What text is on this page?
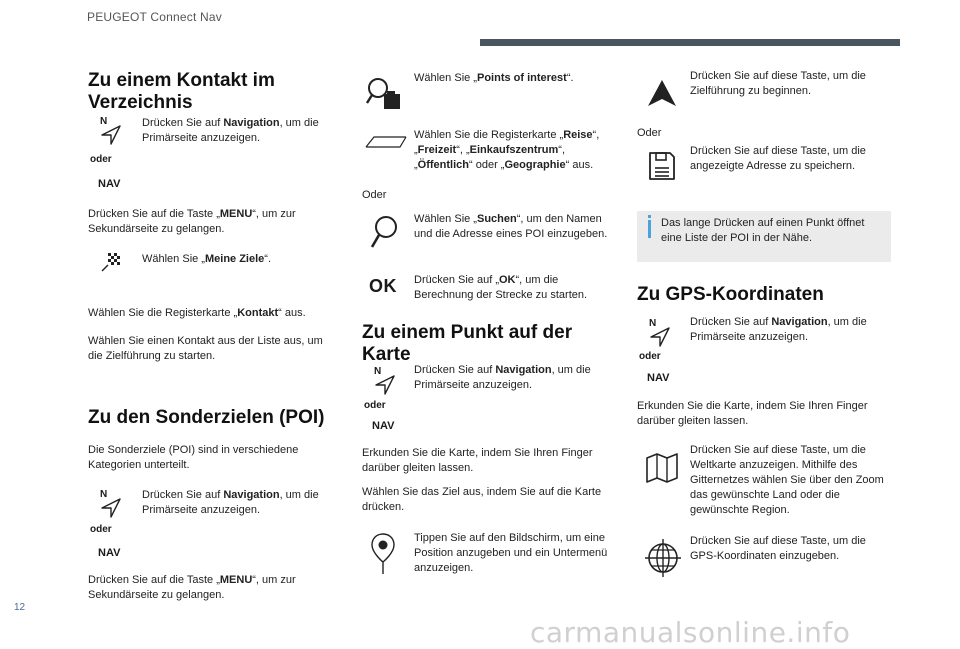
PEUGEOT Connect Nav
Zu einem Kontakt im Verzeichnis
N
oder
NAV
Drücken Sie auf Navigation, um die Primärseite anzuzeigen.
Drücken Sie auf die Taste „MENU“, um zur Sekundärseite zu gelangen.
Wählen Sie „Meine Ziele“.
Wählen Sie die Registerkarte „Kontakt“ aus.
Wählen Sie einen Kontakt aus der Liste aus, um die Zielführung zu starten.
Zu den Sonderzielen (POI)
Die Sonderziele (POI) sind in verschiedene Kategorien unterteilt.
N
oder
NAV
Drücken Sie auf Navigation, um die Primärseite anzuzeigen.
Drücken Sie auf die Taste „MENU“, um zur Sekundärseite zu gelangen.
Wählen Sie „Points of interest“.
Wählen Sie die Registerkarte „Reise“, „Freizeit“, „Einkaufszentrum“, „Öffentlich“ oder „Geographie“ aus.
Oder
Wählen Sie „Suchen“, um den Namen und die Adresse eines POI einzugeben.
OK Drücken Sie auf „OK“, um die Berechnung der Strecke zu starten.
Zu einem Punkt auf der Karte
N
oder
NAV
Drücken Sie auf Navigation, um die Primärseite anzuzeigen.
Erkunden Sie die Karte, indem Sie Ihren Finger darüber gleiten lassen.
Wählen Sie das Ziel aus, indem Sie auf die Karte drücken.
Tippen Sie auf den Bildschirm, um eine Position anzugeben und ein Untermenü anzuzeigen.
Drücken Sie auf diese Taste, um die Zielführung zu beginnen.
Oder
Drücken Sie auf diese Taste, um die angezeigte Adresse zu speichern.
Das lange Drücken auf einen Punkt öffnet eine Liste der POI in der Nähe.
Zu GPS-Koordinaten
N
oder
NAV
Drücken Sie auf Navigation, um die Primärseite anzuzeigen.
Erkunden Sie die Karte, indem Sie Ihren Finger darüber gleiten lassen.
Drücken Sie auf diese Taste, um die Weltkarte anzuzeigen. Mithilfe des Gitternetzes wählen Sie über den Zoom das gewünschte Land oder die gewünschte Region.
Drücken Sie auf diese Taste, um die GPS-Koordinaten einzugeben.
12
carmanualsonline.info
